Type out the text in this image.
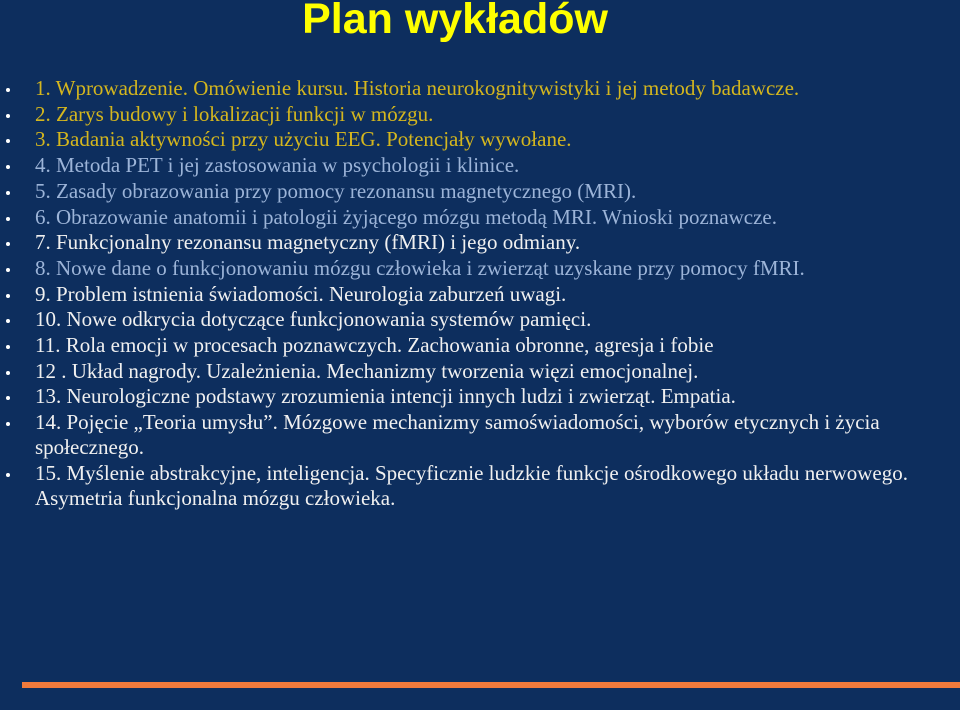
Plan wykładów
1. Wprowadzenie. Omówienie kursu. Historia neurokognitywistyki i jej metody badawcze.
2. Zarys budowy i lokalizacji funkcji w mózgu.
3. Badania aktywności przy użyciu EEG. Potencjały wywołane.
4. Metoda PET i jej zastosowania w psychologii i klinice.
5. Zasady obrazowania przy pomocy rezonansu magnetycznego (MRI).
6. Obrazowanie anatomii i patologii żyjącego mózgu metodą MRI. Wnioski poznawcze.
7. Funkcjonalny rezonansu magnetyczny (fMRI) i jego odmiany.
8. Nowe dane o funkcjonowaniu mózgu człowieka i zwierząt uzyskane przy pomocy fMRI.
9. Problem istnienia świadomości. Neurologia zaburzeń uwagi.
10. Nowe odkrycia dotyczące funkcjonowania systemów pamięci.
11. Rola emocji w procesach poznawczych. Zachowania obronne, agresja i fobie
12 . Układ nagrody. Uzależnienia. Mechanizmy tworzenia więzi emocjonalnej.
13. Neurologiczne podstawy zrozumienia intencji innych ludzi i zwierząt. Empatia.
14. Pojęcie „Teoria umysłu”. Mózgowe mechanizmy samoświadomości, wyborów etycznych i życia społecznego.
15. Myślenie abstrakcyjne, inteligencja. Specyficznie ludzkie funkcje ośrodkowego układu nerwowego. Asymetria funkcjonalna mózgu człowieka.
